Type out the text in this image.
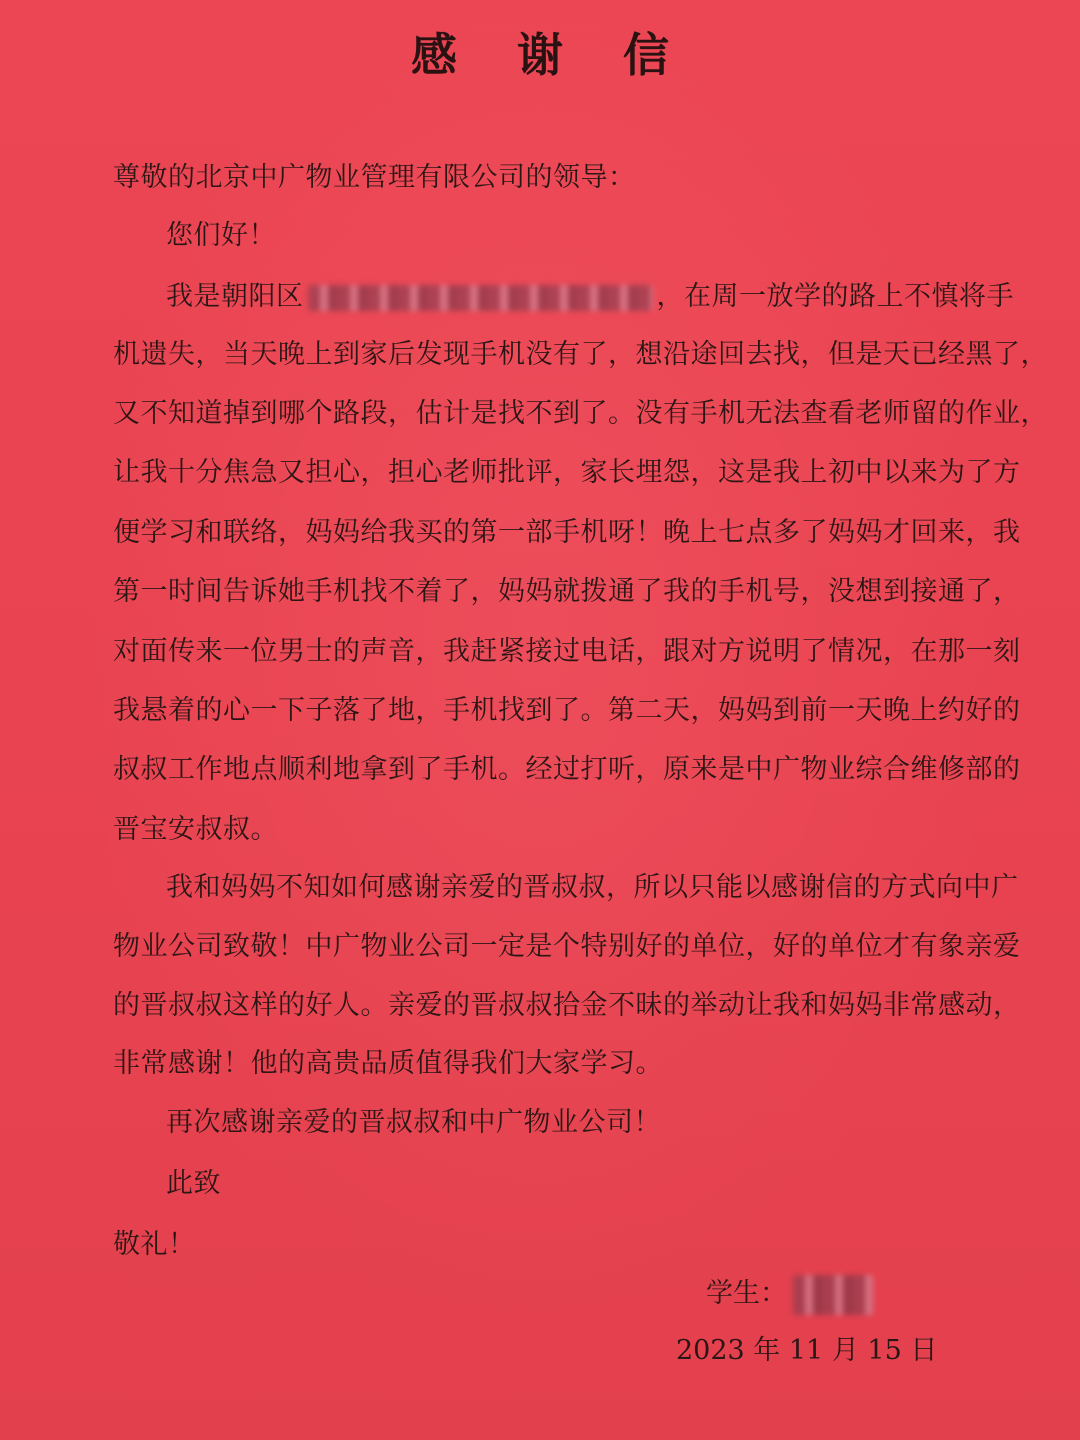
感谢信
尊敬的北京中广物业管理有限公司的领导：
您们好！
我是朝阳区	，在周一放学的路上不慎将手
机遗失，当天晚上到家后发现手机没有了，想沿途回去找，但是天已经黑了，
又不知道掉到哪个路段，估计是找不到了。没有手机无法查看老师留的作业，
让我十分焦急又担心，担心老师批评，家长埋怨，这是我上初中以来为了方
便学习和联络，妈妈给我买的第一部手机呀！晚上七点多了妈妈才回来，我
第一时间告诉她手机找不着了，妈妈就拨通了我的手机号，没想到接通了，
对面传来一位男士的声音，我赶紧接过电话，跟对方说明了情况，在那一刻
我悬着的心一下子落了地，手机找到了。第二天，妈妈到前一天晚上约好的
叔叔工作地点顺利地拿到了手机。经过打听，原来是中广物业综合维修部的
晋宝安叔叔。
我和妈妈不知如何感谢亲爱的晋叔叔，所以只能以感谢信的方式向中广
物业公司致敬！中广物业公司一定是个特别好的单位，好的单位才有象亲爱
的晋叔叔这样的好人。亲爱的晋叔叔拾金不昧的举动让我和妈妈非常感动，
非常感谢！他的高贵品质值得我们大家学习。
再次感谢亲爱的晋叔叔和中广物业公司！
此致
敬礼！
学生：
2023 年 11 月 15 日
